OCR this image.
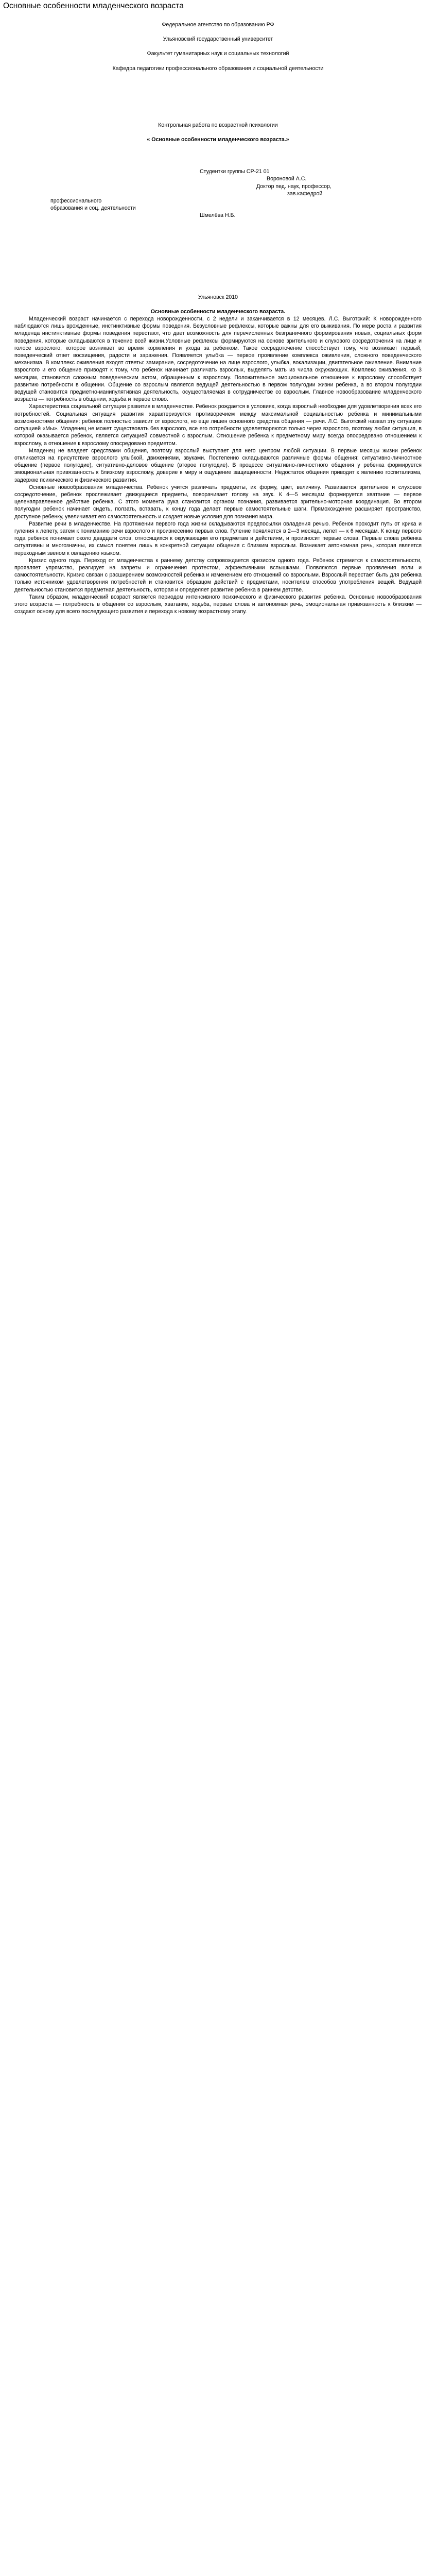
Основные особенности младенческого возраста

Федеральное агентство по образованию РФ

Ульяновский государственный университет

Факультет гуманитарных наук и социальных технологий

Кафедра педагогики профессионального образования и социальной деятельности

Контрольная работа по возрастной психологии

« Основные особенности младенческого возраста.»

Студентки группы СР-21 01

Вороновой А.С.

Доктор пед. наук, профессор,

зав.кафедрой

профессионального

образования и соц. деятельности

Шмелёва Н.Б.

Ульяновск 2010

Основные особенности младенческого возраста.

Младенческий возраст начинается с перехода новорожденности, с 2 недели и заканчивается в 12 месяцев. Л.С. Выготский: К новорожденного наблюдаются лишь врожденные, инстинктивные формы поведения. Безусловные рефлексы, которые важны для его выживания. По мере роста и развития младенца инстинктивные формы поведения перестают, что дает возможность для перечисленных безграничного формирования новых, социальных форм поведения, которые складываются в течение всей жизни.Условные рефлексы формируются на основе зрительного и слухового сосредоточения на лице и голосе взрослого, которое возникает во время кормления и ухода за ребенком. Такое сосредоточение способствует тому, что возникает первый, поведенческий ответ восхищения, радости и заражения. Появляется улыбка — первое проявление комплекса оживления, сложного поведенческого механизма. В комплекс оживления входят ответы: замирание, сосредоточение на лице взрослого, улыбка, вокализации, двигательное оживление. Внимание взрослого и его общение приводят к тому, что ребенок начинает различать взрослых, выделять мать из числа окружающих. Комплекс оживления, ко 3 месяцам, становится сложным поведенческим актом, обращенным к взрослому. Положительное эмоциональное отношение к взрослому способствует развитию потребности в общении. Общение со взрослым является ведущей деятельностью в первом полугодии жизни ребенка, а во втором полугодии ведущей становится предметно-манипулятивная деятельность, осуществляемая в сотрудничестве со взрослым. Главное новообразование младенческого возраста — потребность в общении, ходьба и первое слово.

Характеристика социальной ситуации развития в младенчестве. Ребенок рождается в условиях, когда взрослый необходим для удовлетворения всех его потребностей. Социальная ситуация развития характеризуется противоречием между максимальной социальностью ребенка и минимальными возможностями общения: ребенок полностью зависит от взрослого, но еще лишен основного средства общения — речи. Л.С. Выготский назвал эту ситуацию ситуацией «Мы». Младенец не может существовать без взрослого, все его потребности удовлетворяются только через взрослого, поэтому любая ситуация, в которой оказывается ребенок, является ситуацией совместной с взрослым. Отношение ребенка к предметному миру всегда опосредовано отношением к взрослому, а отношение к взрослому опосредовано предметом.

Младенец не владеет средствами общения, поэтому взрослый выступает для него центром любой ситуации. В первые месяцы жизни ребенок откликается на присутствие взрослого улыбкой, движениями, звуками. Постепенно складываются различные формы общения: ситуативно-личностное общение (первое полугодие), ситуативно-деловое общение (второе полугодие). В процессе ситуативно-личностного общения у ребенка формируется эмоциональная привязанность к близкому взрослому, доверие к миру и ощущение защищенности. Недостаток общения приводит к явлению госпитализма, задержке психического и физического развития.

Основные новообразования младенчества. Ребенок учится различать предметы, их форму, цвет, величину. Развивается зрительное и слуховое сосредоточение, ребенок прослеживает движущиеся предметы, поворачивает голову на звук. К 4—5 месяцам формируется хватание — первое целенаправленное действие ребенка. С этого момента рука становится органом познания, развивается зрительно-моторная координация. Во втором полугодии ребенок начинает сидеть, ползать, вставать, к концу года делает первые самостоятельные шаги. Прямохождение расширяет пространство, доступное ребенку, увеличивает его самостоятельность и создает новые условия для познания мира.

Развитие речи в младенчестве. На протяжении первого года жизни складываются предпосылки овладения речью. Ребенок проходит путь от крика и гуления к лепету, затем к пониманию речи взрослого и произнесению первых слов. Гуление появляется в 2—3 месяца, лепет — к 6 месяцам. К концу первого года ребенок понимает около двадцати слов, относящихся к окружающим его предметам и действиям, и произносит первые слова. Первые слова ребенка ситуативны и многозначны, их смысл понятен лишь в конкретной ситуации общения с близким взрослым. Возникает автономная речь, которая является переходным звеном к овладению языком.

Кризис одного года. Переход от младенчества к раннему детству сопровождается кризисом одного года. Ребенок стремится к самостоятельности, проявляет упрямство, реагирует на запреты и ограничения протестом, аффективными вспышками. Появляются первые проявления воли и самостоятельности. Кризис связан с расширением возможностей ребенка и изменением его отношений со взрослыми. Взрослый перестает быть для ребенка только источником удовлетворения потребностей и становится образцом действий с предметами, носителем способов употребления вещей. Ведущей деятельностью становится предметная деятельность, которая и определяет развитие ребенка в раннем детстве.

Таким образом, младенческий возраст является периодом интенсивного психического и физического развития ребенка. Основные новообразования этого возраста — потребность в общении со взрослым, хватание, ходьба, первые слова и автономная речь, эмоциональная привязанность к близким — создают основу для всего последующего развития и перехода к новому возрастному этапу.
